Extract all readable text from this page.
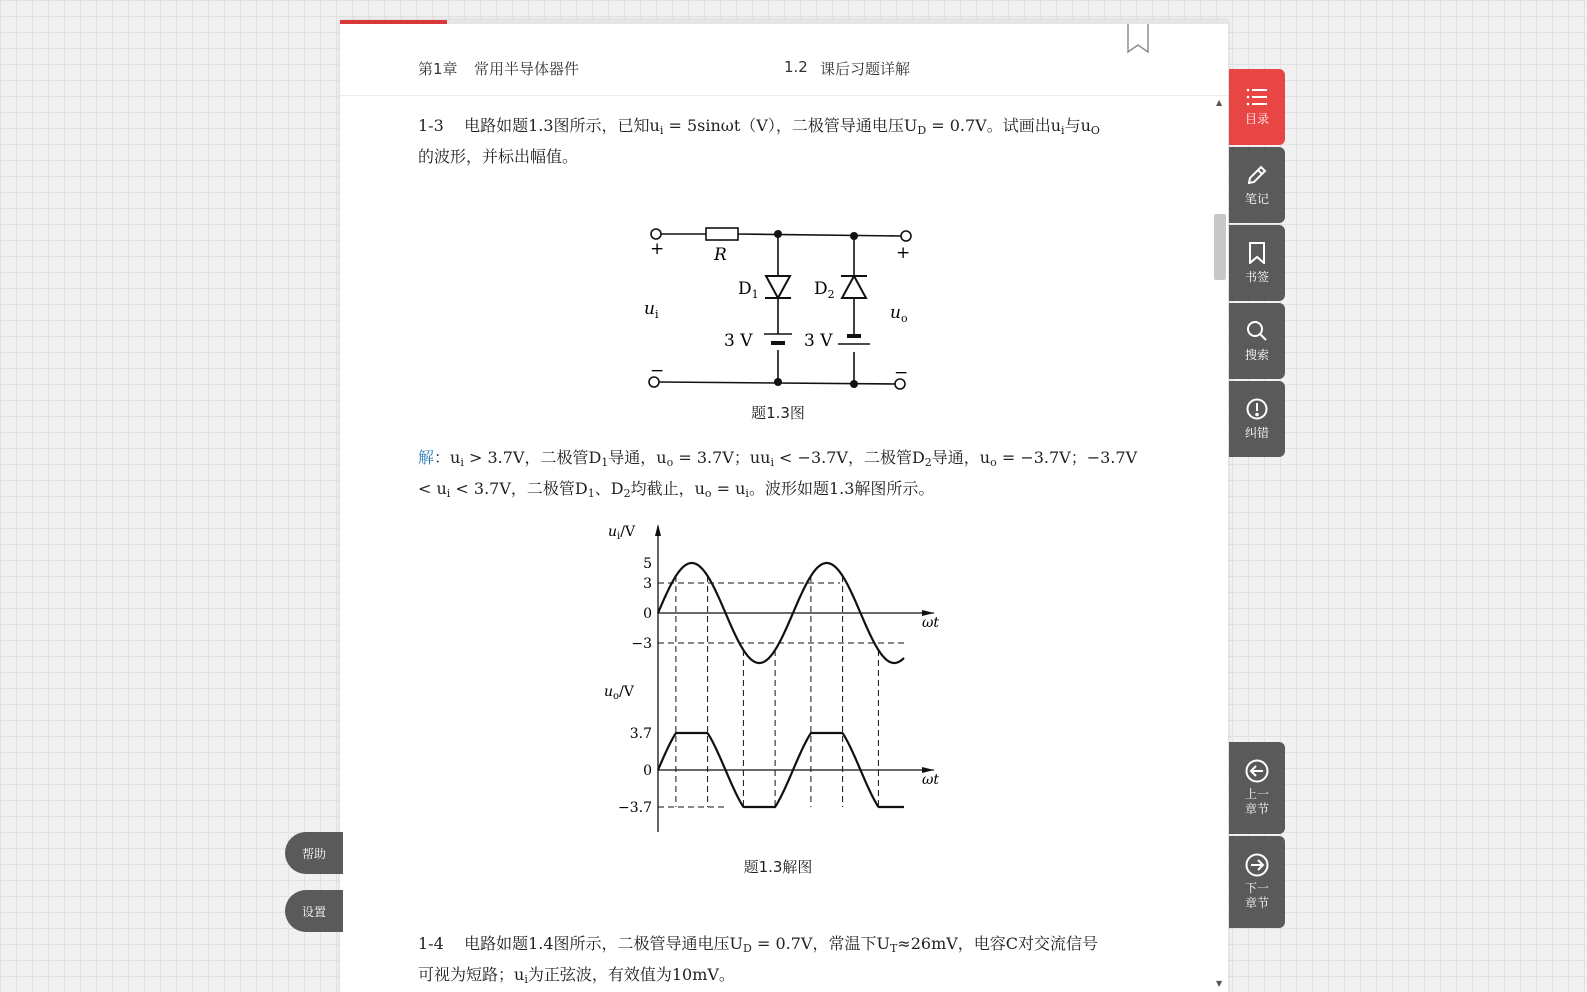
第1章 常用半导体器件	1.2 课后习题详解
▲
▼

1-3 电路如题1.3图所示，已知$u_i = 5\sin\omega t(V)$，二极管导通电压$U_D = 0.7V$。试画出$u_i$与$u_O$
的波形，并标出幅值。

+	+
−	−
R
$D_1$	$D_2$
$u_i$	$u_o$
3 V	3 V
题1.3图

解：$u_i > 3.7V$，二极管$D_1$导通，$u_o = 3.7V$；$uu_i < -3.7V$，二极管$D_2$导通，$u_o = -3.7V$；$-3.7V < u_i < 3.7V$，二极管$D_1$、$D_2$均截止，$u_o = u_i$。波形如题1.3解图所示。

$u_i/V$
$u_o/V$
ωt
ωt
5
3
0
−3
3.7
0
−3.7
题1.3解图

1-4 电路如题1.4图所示，二极管导通电压$U_D = 0.7V$，常温下$U_T\approx 26mV$，电容C对交流信号
可视为短路；$u_i$为正弦波，有效值为10mV。

目录
笔记
书签
搜索
纠错
上一
章节
下一
章节
帮助
设置
